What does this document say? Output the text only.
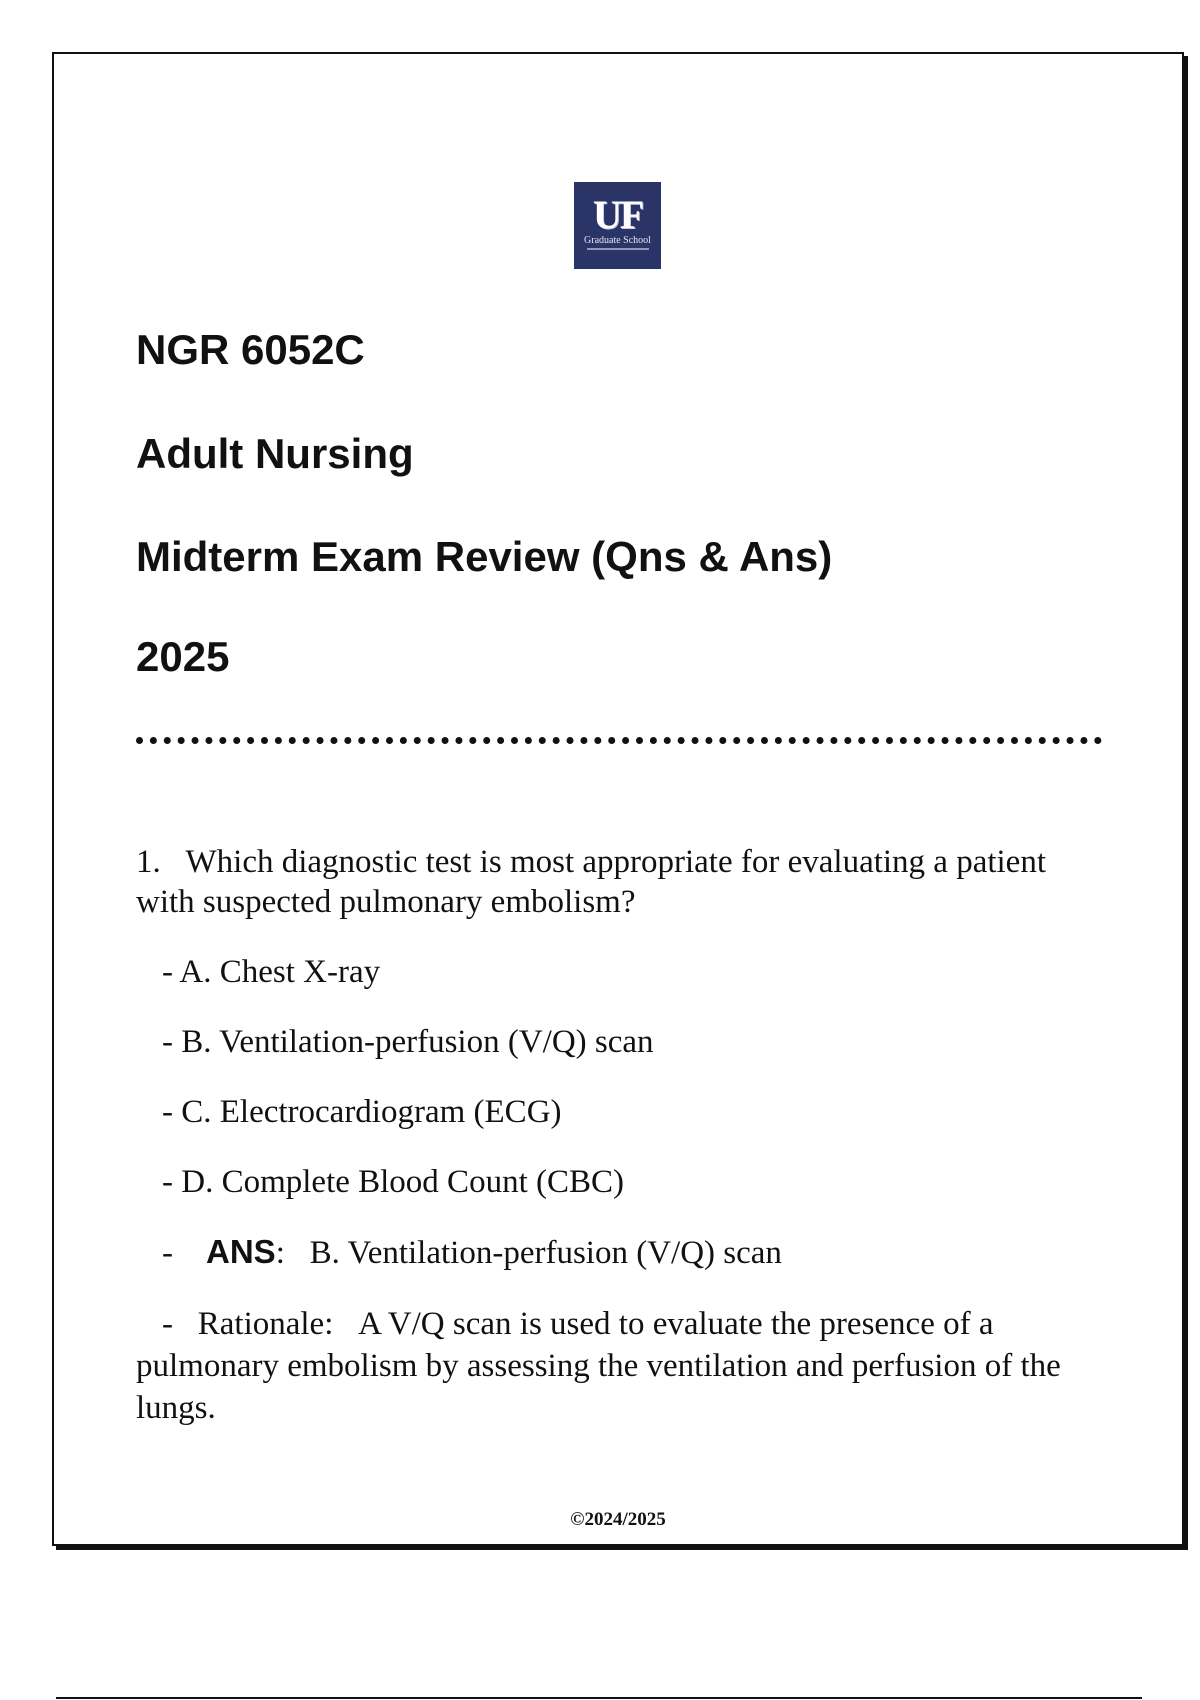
UF
Graduate School
NGR 6052C
Adult Nursing
Midterm Exam Review (Qns & Ans)
2025

1. Which diagnostic test is most appropriate for evaluating a patient with suspected pulmonary embolism?

- A. Chest X-ray
- B. Ventilation-perfusion (V/Q) scan
- C. Electrocardiogram (ECG)
- D. Complete Blood Count (CBC)
- ANS:   B. Ventilation-perfusion (V/Q) scan

- Rationale: A V/Q scan is used to evaluate the presence of a pulmonary embolism by assessing the ventilation and perfusion of the lungs.

©2024/2025
